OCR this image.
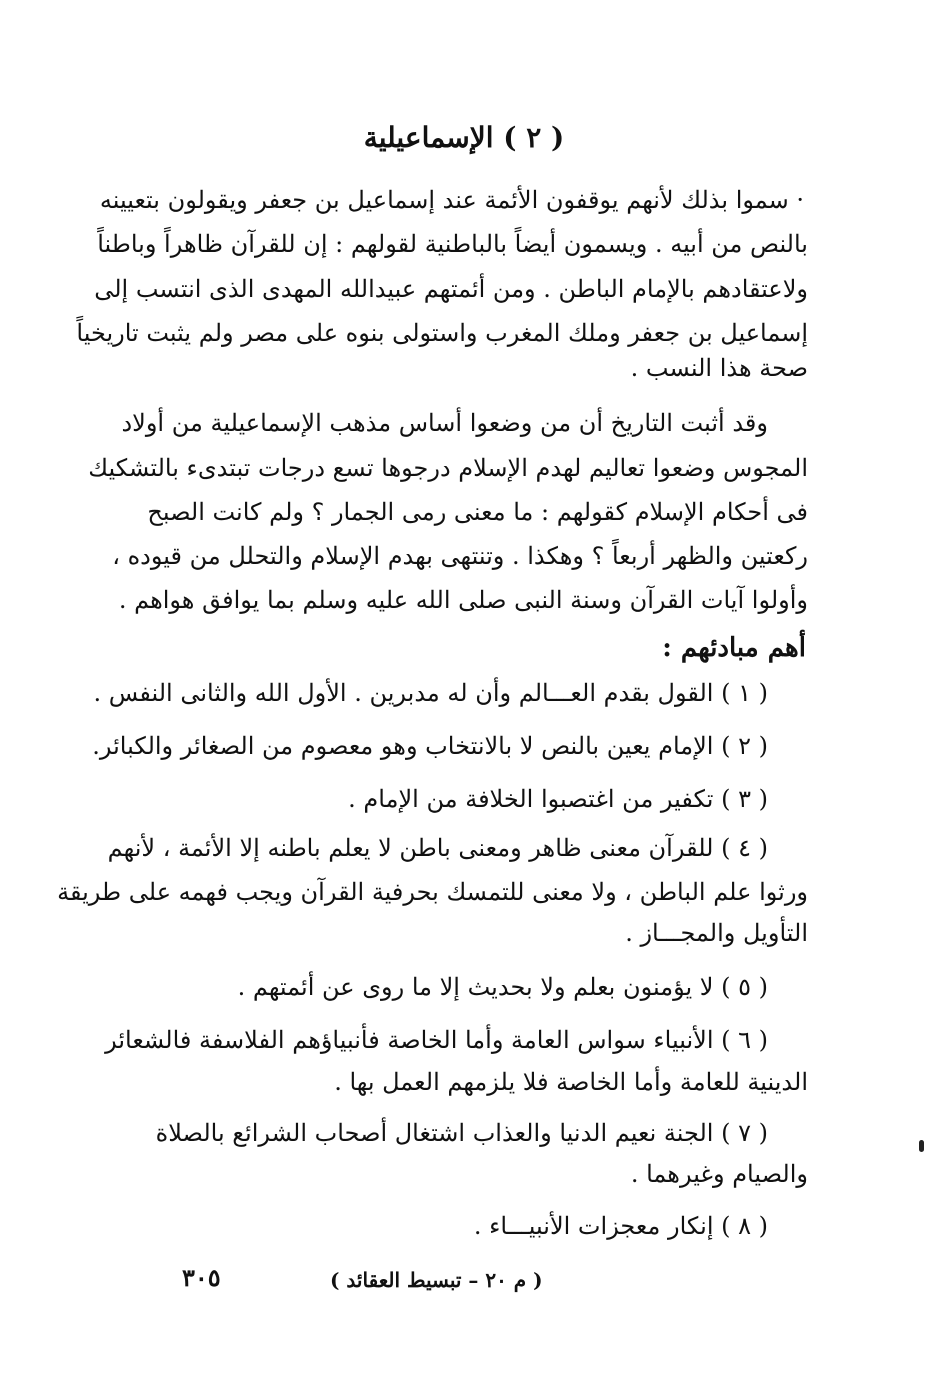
( ٢ ) الإسماعيلية
· سموا بذلك لأنهم يوقفون الأئمة عند إسماعيل بن جعفر ويقولون بتعيينه
بالنص من أبيه . ويسمون أيضاً بالباطنية لقولهم : إن للقرآن ظاهراً وباطناً
ولاعتقادهم بالإمام الباطن . ومن أئمتهم عبيدالله المهدى الذى انتسب إلى
إسماعيل بن جعفر وملك المغرب واستولى بنوه على مصر ولم يثبت تاريخياً
صحة هذا النسب .
وقد أثبت التاريخ أن من وضعوا أساس مذهب الإسماعيلية من أولاد
المجوس وضعوا تعاليم لهدم الإسلام درجوها تسع درجات تبتدىء بالتشكيك
فى أحكام الإسلام كقولهم : ما معنى رمى الجمار ؟ ولم كانت الصبح
ركعتين والظهر أربعاً ؟ وهكذا . وتنتهى بهدم الإسلام والتحلل من قيوده ،
وأولوا آيات القرآن وسنة النبى صلى الله عليه وسلم بما يوافق هواهم .
أهم مبادئهم :
( ١ ) القول بقدم العـــالم وأن له مدبرين . الأول الله والثانى النفس .
( ٢ ) الإمام يعين بالنص لا بالانتخاب وهو معصوم من الصغائر والكبائر.
( ٣ ) تكفير من اغتصبوا الخلافة من الإمام .
( ٤ ) للقرآن معنى ظاهر ومعنى باطن لا يعلم باطنه إلا الأئمة ، لأنهم
ورثوا علم الباطن ، ولا معنى للتمسك بحرفية القرآن ويجب فهمه على طريقة
التأويل والمجـــاز .
( ٥ ) لا يؤمنون بعلم ولا بحديث إلا ما روى عن أئمتهم .
( ٦ ) الأنبياء سواس العامة وأما الخاصة فأنبياؤهم الفلاسفة فالشعائر
الدينية للعامة وأما الخاصة فلا يلزمهم العمل بها .
( ٧ ) الجنة نعيم الدنيا والعذاب اشتغال أصحاب الشرائع بالصلاة
والصيام وغيرهما .
( ٨ ) إنكار معجزات الأنبيـــاء .
( م ٢٠ – تبسيط العقائد )
٣٠٥
